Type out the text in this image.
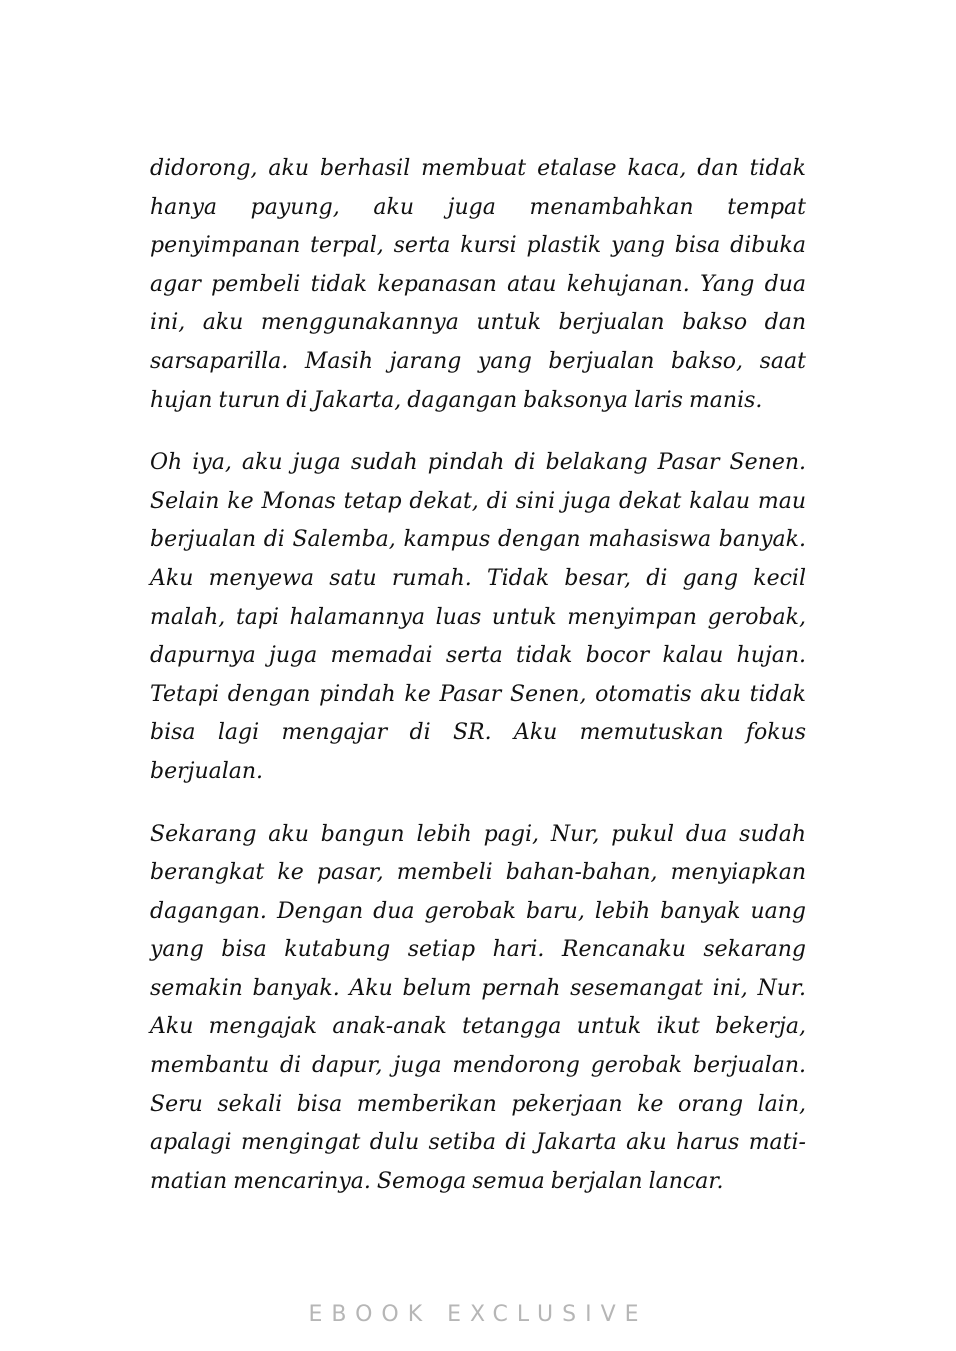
didorong, aku berhasil membuat etalase kaca, dan tidak hanya payung, aku juga menambahkan tempat penyimpanan terpal, serta kursi plastik yang bisa dibuka agar pembeli tidak kepanasan atau kehujanan. Yang dua ini, aku menggunakannya untuk berjualan bakso dan sarsaparilla. Masih jarang yang berjualan bakso, saat hujan turun di Jakarta, dagangan baksonya laris manis.

Oh iya, aku juga sudah pindah di belakang Pasar Senen. Selain ke Monas tetap dekat, di sini juga dekat kalau mau berjualan di Salemba, kampus dengan mahasiswa banyak. Aku menyewa satu rumah. Tidak besar, di gang kecil malah, tapi halamannya luas untuk menyimpan gerobak, dapurnya juga memadai serta tidak bocor kalau hujan. Tetapi dengan pindah ke Pasar Senen, otomatis aku tidak bisa lagi mengajar di SR. Aku memutuskan fokus berjualan.

Sekarang aku bangun lebih pagi, Nur, pukul dua sudah berangkat ke pasar, membeli bahan-bahan, menyiapkan dagangan. Dengan dua gerobak baru, lebih banyak uang yang bisa kutabung setiap hari. Rencanaku sekarang semakin banyak. Aku belum pernah sesemangat ini, Nur. Aku mengajak anak-anak tetangga untuk ikut bekerja, membantu di dapur, juga mendorong gerobak berjualan. Seru sekali bisa memberikan pekerjaan ke orang lain, apalagi mengingat dulu setiba di Jakarta aku harus mati-matian mencarinya. Semoga semua berjalan lancar.

EBOOK EXCLUSIVE
